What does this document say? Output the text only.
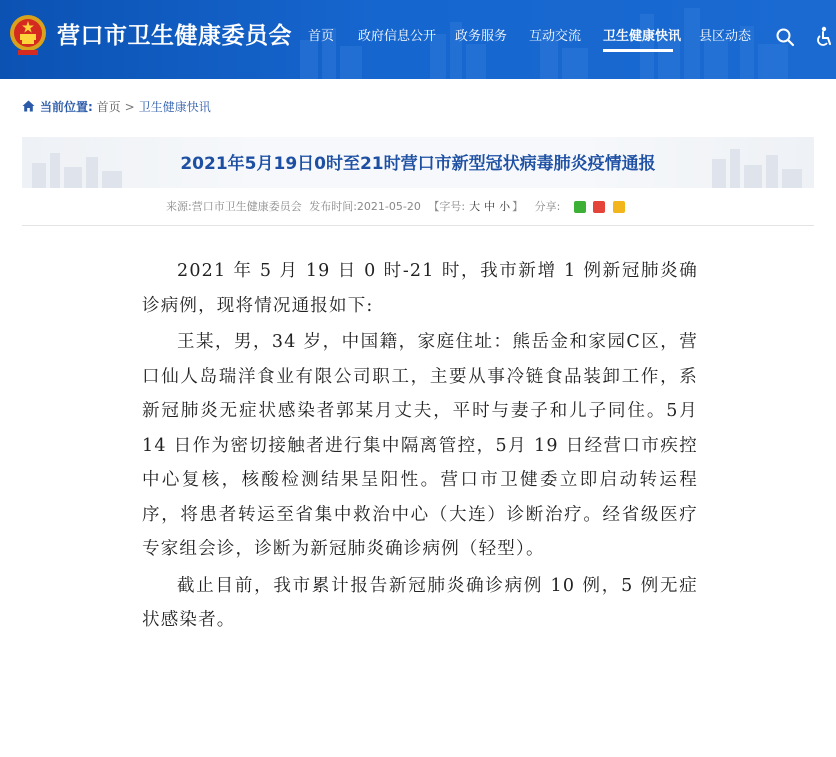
营口市卫生健康委员会 首页 政府信息公开 政务服务 互动交流 卫生健康快讯 县区动态
当前位置: 首页 > 卫生健康快讯
2021年5月19日0时至21时营口市新型冠状病毒肺炎疫情通报
来源:营口市卫生健康委员会 发布时间:2021-05-20 【字号: 大 中 小 】 分享:

2021 年 5 月 19 日 0 时-21 时，我市新增 1 例新冠肺炎确诊病例，现将情况通报如下:

王某，男，34 岁，中国籍，家庭住址：熊岳金和家园C区，营口仙人岛瑞洋食业有限公司职工，主要从事冷链食品装卸工作，系新冠肺炎无症状感染者郭某月丈夫，平时与妻子和儿子同住。5月 14 日作为密切接触者进行集中隔离管控，5月 19 日经营口市疾控中心复核，核酸检测结果呈阳性。营口市卫健委立即启动转运程序，将患者转运至省集中救治中心（大连）诊断治疗。经省级医疗专家组会诊，诊断为新冠肺炎确诊病例（轻型）。

截止目前，我市累计报告新冠肺炎确诊病例 10 例，5 例无症状感染者。
